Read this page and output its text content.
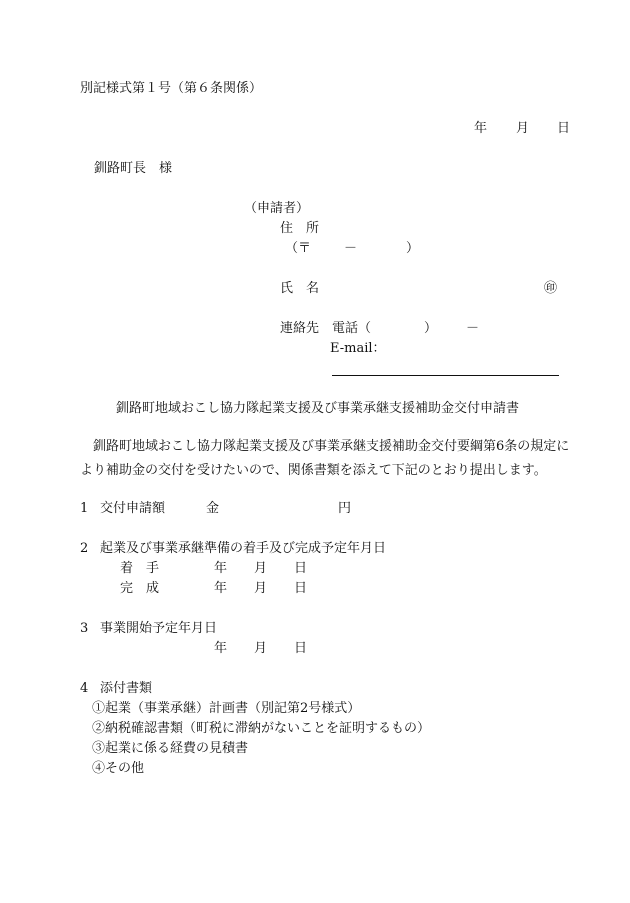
別記様式第１号（第６条関係）
年 月 日
釧路町長　様
（申請者）
住　所
（〒	－	）
氏　名	㊞
連絡先 電話（	） －
E-mail：
釧路町地域おこし協力隊起業支援及び事業承継支援補助金交付申請書
　釧路町地域おこし協力隊起業支援及び事業承継支援補助金交付要綱第6条の規定により補助金の交付を受けたいので、関係書類を添えて下記のとおり提出します。
1 交付申請額	金	円
2 起業及び事業承継準備の着手及び完成予定年月日
着　手	年 月 日
完　成	年 月 日
3 事業開始予定年月日
年 月 日
4 添付書類
①起業（事業承継）計画書（別記第2号様式）
②納税確認書類（町税に滞納がないことを証明するもの）
③起業に係る経費の見積書
④その他
